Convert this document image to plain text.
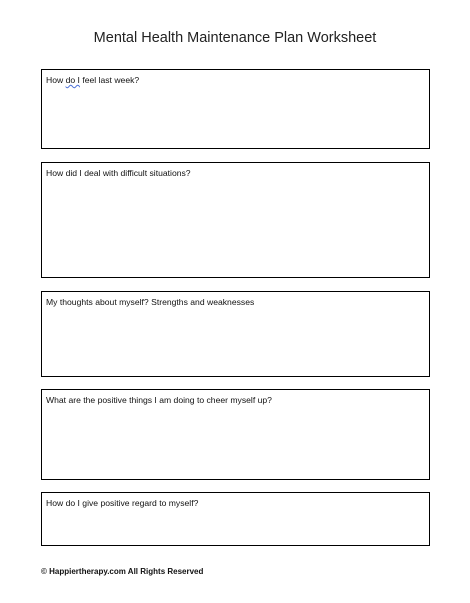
Mental Health Maintenance Plan Worksheet
How do I feel last week?
How did I deal with difficult situations?
My thoughts about myself? Strengths and weaknesses
What are the positive things I am doing to cheer myself up?
How do I give positive regard to myself?
© Happiertherapy.com All Rights Reserved
